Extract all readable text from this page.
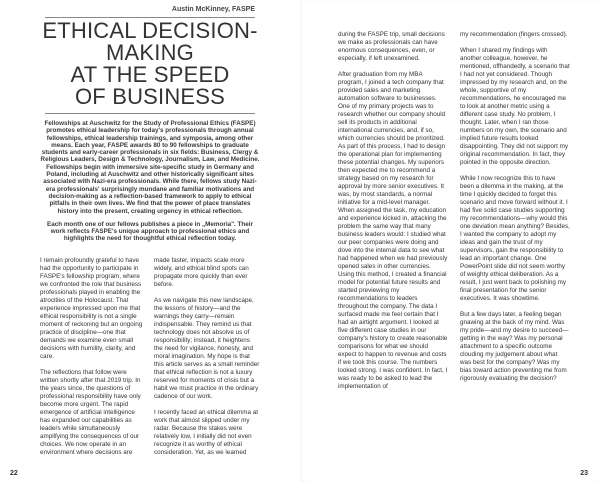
Austin McKinney, FASPE
ETHICAL DECISION-MAKING
AT THE SPEED
OF BUSINESS

Fellowships at Auschwitz for the Study of Professional Ethics (FASPE) promotes ethical leadership for today's professionals through annual fellowships, ethical leadership trainings, and symposia, among other means. Each year, FASPE awards 80 to 90 fellowships to graduate students and early-career professionals in six fields: Business, Clergy & Religious Leaders, Design & Technology, Journalism, Law, and Medicine. Fellowships begin with immersive site-specific study in Germany and Poland, including at Auschwitz and other historically significant sites associated with Nazi-era professionals. While there, fellows study Nazi-era professionals' surprisingly mundane and familiar motivations and decision-making as a reflection-based framework to apply to ethical pitfalls in their own lives. We find that the power of place translates history into the present, creating urgency in ethical reflection.

Each month one of our fellows publishes a piece in „Memoria". Their work reflects FASPE's unique approach to professional ethics and highlights the need for thoughtful ethical reflection today.

I remain profoundly grateful to have had the opportunity to participate in FASPE's fellowship program, where we confronted the role that business professionals played in enabling the atrocities of the Holocaust. That experience impressed upon me that ethical responsibility is not a single moment of reckoning but an ongoing practice of discipline—one that demands we examine even small decisions with humility, clarity, and care.

The reflections that follow were written shortly after that 2019 trip. In the years since, the questions of professional responsibility have only become more urgent. The rapid emergence of artificial intelligence has expanded our capabilities as leaders while simultaneously amplifying the consequences of our choices. We now operate in an environment where decisions are

made faster, impacts scale more widely, and ethical blind spots can propagate more quickly than ever before.

As we navigate this new landscape, the lessons of history—and the warnings they carry—remain indispensable. They remind us that technology does not absolve us of responsibility; instead, it heightens the need for vigilance, honesty, and moral imagination. My hope is that this article serves as a small reminder that ethical reflection is not a luxury reserved for moments of crisis but a habit we must practice in the ordinary cadence of our work.

I recently faced an ethical dilemma at work that almost slipped under my radar. Because the stakes were relatively low, I initially did not even recognize it as worthy of ethical consideration. Yet, as we learned

22

during the FASPE trip, small decisions we make as professionals can have enormous consequences, even, or especially, if left unexamined.

After graduation from my MBA program, I joined a tech company that provided sales and marketing automation software to businesses. One of my primary projects was to research whether our company should sell its products in additional international currencies, and, if so, which currencies should be prioritized. As part of this process, I had to design the operational plan for implementing these potential changes. My superiors then expected me to recommend a strategy based on my research for approval by more senior executives. It was, by most standards, a normal initiative for a mid-level manager. When assigned the task, my education and experience kicked in, attacking the problem the same way that many business leaders would: I studied what our peer companies were doing and dove into the internal data to see what had happened when we had previously opened sales in other currencies. Using this method, I created a financial model for potential future results and started previewing my recommendations to leaders throughout the company. The data I surfaced made me feel certain that I had an airtight argument. I looked at five different case studies in our company's history to create reasonable comparisons for what we should expect to happen to revenue and costs if we took this course. The numbers looked strong. I was confident. In fact, I was ready to be asked to lead the implementation of

my recommendation (fingers crossed).

When I shared my findings with another colleague, however, he mentioned, offhandedly, a scenario that I had not yet considered. Though impressed by my research and, on the whole, supportive of my recommendations, he encouraged me to look at another metric using a different case study. No problem, I thought. Later, when I ran those numbers on my own, the scenario and implied future results looked disappointing. They did not support my original recommendation. In fact, they pointed in the opposite direction.

While I now recognize this to have been a dilemma in the making, at the time I quickly decided to forget this scenario and move forward without it. I had five solid case studies supporting my recommendations—why would this one deviation mean anything? Besides, I wanted the company to adopt my ideas and gain the trust of my supervisors, gain the responsibility to lead an important change. One PowerPoint slide did not seem worthy of weighty ethical deliberation. As a result, I just went back to polishing my final presentation for the senior executives. It was showtime.

But a few days later, a feeling began gnawing at the back of my mind. Was my pride—and my desire to succeed—getting in the way? Was my personal attachment to a specific outcome clouding my judgement about what was best for the company? Was my bias toward action preventing me from rigorously evaluating the decision?

23
